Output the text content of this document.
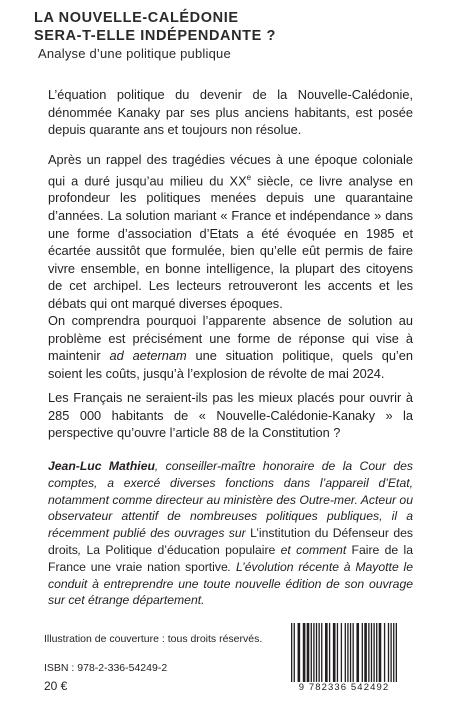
LA NOUVELLE-CALÉDONIE
SERA-T-ELLE INDÉPENDANTE ?
Analyse d’une politique publique
L’équation politique du devenir de la Nouvelle-Calédonie, dénommée Kanaky par ses plus anciens habitants, est posée depuis quarante ans et toujours non résolue.
Après un rappel des tragédies vécues à une époque coloniale qui a duré jusqu’au milieu du XXe siècle, ce livre analyse en profondeur les politiques menées depuis une quarantaine d’années. La solution mariant « France et indépendance » dans une forme d’association d’Etats a été évoquée en 1985 et écartée aussitôt que formulée, bien qu’elle eût permis de faire vivre ensemble, en bonne intelligence, la plupart des citoyens de cet archipel. Les lecteurs retrouveront les accents et les débats qui ont marqué diverses époques.
On comprendra pourquoi l’apparente absence de solution au problème est précisément une forme de réponse qui vise à maintenir ad aeternam une situation politique, quels qu’en soient les coûts, jusqu’à l’explosion de révolte de mai 2024.
Les Français ne seraient-ils pas les mieux placés pour ouvrir à 285 000 habitants de « Nouvelle-Calédonie-Kanaky » la perspective qu’ouvre l’article 88 de la Constitution ?
Jean-Luc Mathieu, conseiller-maître honoraire de la Cour des comptes, a exercé diverses fonctions dans l’appareil d’Etat, notamment comme directeur au ministère des Outre-mer. Acteur ou observateur attentif de nombreuses politiques publiques, il a récemment publié des ouvrages sur L’institution du Défenseur des droits, La Politique d’éducation populaire et comment Faire de la France une vraie nation sportive. L’évolution récente à Mayotte le conduit à entreprendre une toute nouvelle édition de son ouvrage sur cet étrange département.
Illustration de couverture : tous droits réservés.
ISBN : 978-2-336-54249-2
20 €	9 782336 542492
